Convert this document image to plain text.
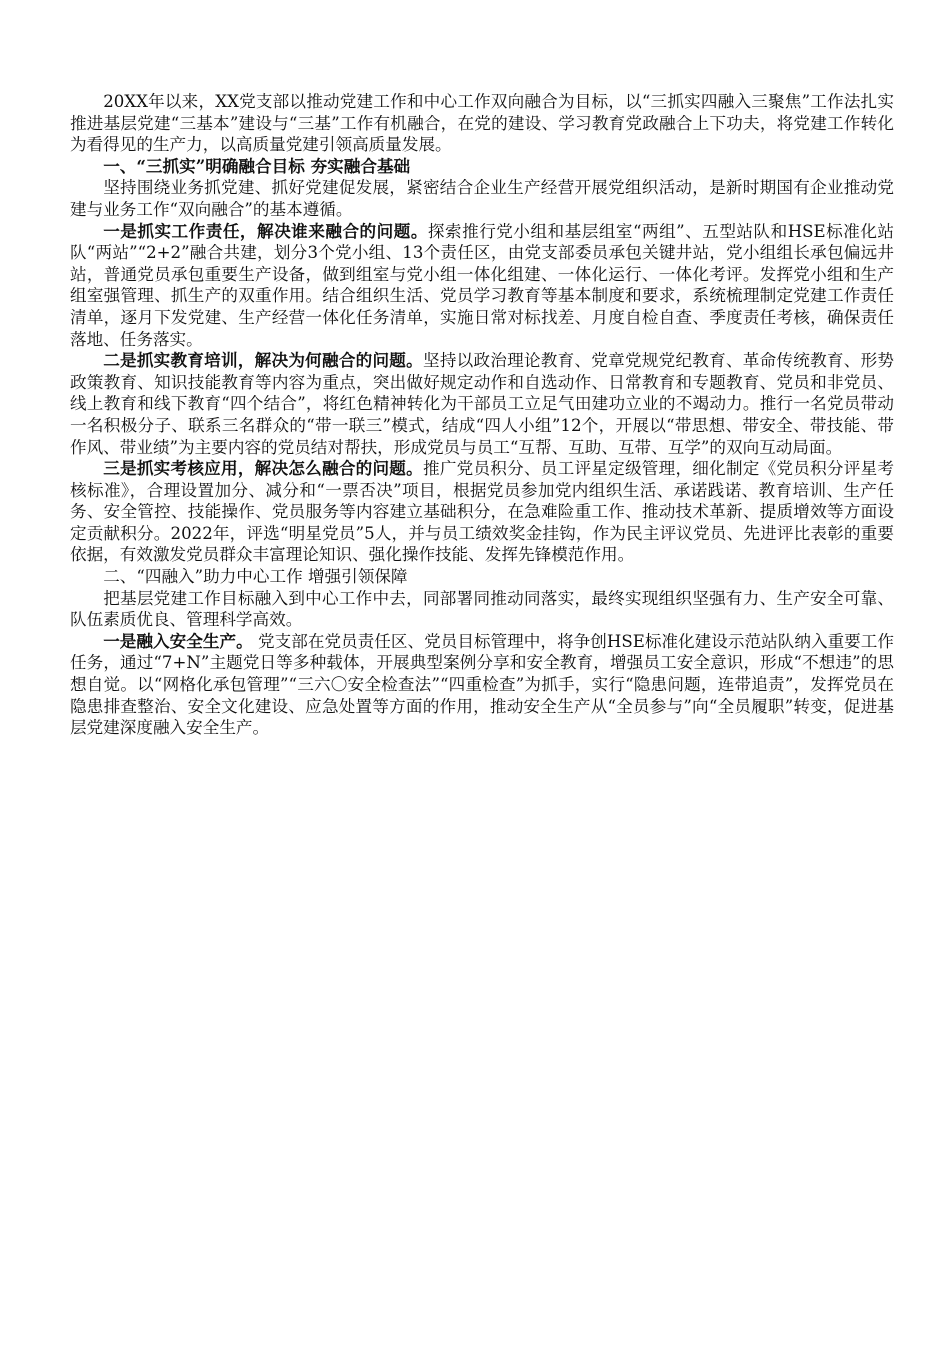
20XX年以来，XX党支部以推动党建工作和中心工作双向融合为目标，以“三抓实四融入三聚焦”工作法扎实推进基层党建“三基本”建设与“三基”工作有机融合，在党的建设、学习教育党政融合上下功夫，将党建工作转化为看得见的生产力，以高质量党建引领高质量发展。

一、“三抓实”明确融合目标 夯实融合基础

坚持围绕业务抓党建、抓好党建促发展，紧密结合企业生产经营开展党组织活动，是新时期国有企业推动党建与业务工作“双向融合”的基本遵循。

一是抓实工作责任，解决谁来融合的问题。探索推行党小组和基层组室“两组”、五型站队和HSE标准化站队“两站”“2+2”融合共建，划分3个党小组、13个责任区，由党支部委员承包关键井站，党小组组长承包偏远井站，普通党员承包重要生产设备，做到组室与党小组一体化组建、一体化运行、一体化考评。发挥党小组和生产组室强管理、抓生产的双重作用。结合组织生活、党员学习教育等基本制度和要求，系统梳理制定党建工作责任清单，逐月下发党建、生产经营一体化任务清单，实施日常对标找差、月度自检自查、季度责任考核，确保责任落地、任务落实。

二是抓实教育培训，解决为何融合的问题。坚持以政治理论教育、党章党规党纪教育、革命传统教育、形势政策教育、知识技能教育等内容为重点，突出做好规定动作和自选动作、日常教育和专题教育、党员和非党员、线上教育和线下教育“四个结合”，将红色精神转化为干部员工立足气田建功立业的不竭动力。推行一名党员带动一名积极分子、联系三名群众的“带一联三”模式，结成“四人小组”12个，开展以“带思想、带安全、带技能、带作风、带业绩”为主要内容的党员结对帮扶，形成党员与员工“互帮、互助、互带、互学”的双向互动局面。

三是抓实考核应用，解决怎么融合的问题。推广党员积分、员工评星定级管理，细化制定《党员积分评星考核标准》，合理设置加分、减分和“一票否决”项目，根据党员参加党内组织生活、承诺践诺、教育培训、生产任务、安全管控、技能操作、党员服务等内容建立基础积分，在急难险重工作、推动技术革新、提质增效等方面设定贡献积分。2022年，评选“明星党员”5人，并与员工绩效奖金挂钩，作为民主评议党员、先进评比表彰的重要依据，有效激发党员群众丰富理论知识、强化操作技能、发挥先锋模范作用。

二、“四融入”助力中心工作 增强引领保障

把基层党建工作目标融入到中心工作中去，同部署同推动同落实，最终实现组织坚强有力、生产安全可靠、队伍素质优良、管理科学高效。

一是融入安全生产。 党支部在党员责任区、党员目标管理中，将争创HSE标准化建设示范站队纳入重要工作任务，通过“7+N”主题党日等多种载体，开展典型案例分享和安全教育，增强员工安全意识，形成“不想违”的思想自觉。以“网格化承包管理”“三六〇安全检查法”“四重检查”为抓手，实行“隐患问题，连带追责”，发挥党员在隐患排查整治、安全文化建设、应急处置等方面的作用，推动安全生产从“全员参与”向“全员履职”转变，促进基层党建深度融入安全生产。
